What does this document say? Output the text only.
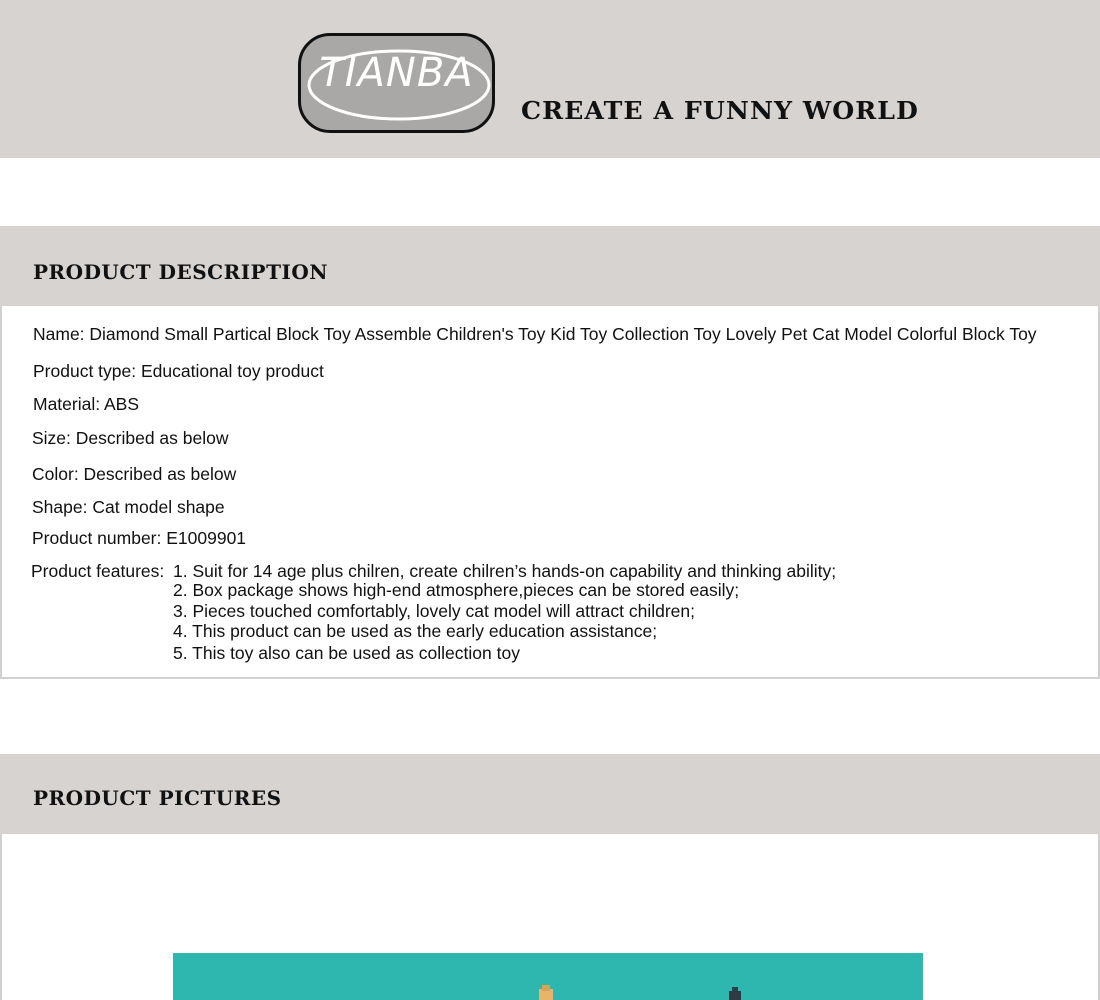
TIANBA
CREATE A FUNNY WORLD
PRODUCT DESCRIPTION
Name: Diamond Small Partical Block Toy Assemble Children's Toy Kid Toy Collection Toy Lovely Pet Cat Model Colorful Block Toy
Product type: Educational toy product
Material: ABS
Size: Described as below
Color: Described as below
Shape: Cat model shape
Product number: E1009901
Product features: 1. Suit for 14 age plus chilren, create chilren’s hands-on capability and thinking ability;
2. Box package shows high-end atmosphere,pieces can be stored easily;
3. Pieces touched comfortably, lovely cat model will attract children;
4. This product can be used as the early education assistance;
5. This toy also can be used as collection toy
PRODUCT PICTURES
